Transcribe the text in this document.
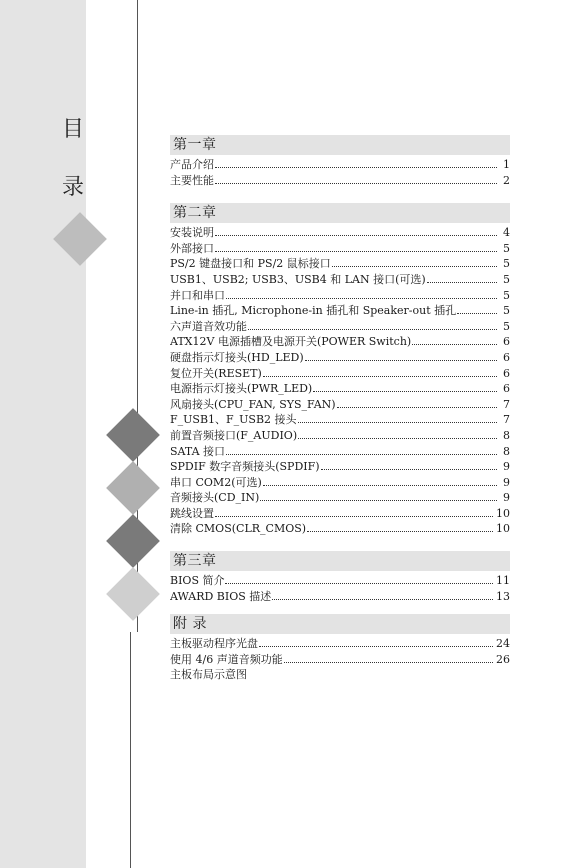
目
录
第一章
产品介绍	1
主要性能	2
第二章
安装说明	4
外部接口	5
PS/2 键盘接口和 PS/2 鼠标接口	5
USB1、USB2; USB3、USB4 和 LAN 接口(可选)	5
并口和串口	5
Line-in 插孔, Microphone-in 插孔和 Speaker-out 插孔	5
六声道音效功能	5
ATX12V 电源插槽及电源开关(POWER Switch)	6
硬盘指示灯接头(HD_LED)	6
复位开关(RESET)	6
电源指示灯接头(PWR_LED)	6
风扇接头(CPU_FAN, SYS_FAN)	7
F_USB1、F_USB2 接头	7
前置音频接口(F_AUDIO)	8
SATA 接口	8
SPDIF 数字音频接头(SPDIF)	9
串口 COM2(可选)	9
音频接头(CD_IN)	9
跳线设置	10
清除 CMOS(CLR_CMOS)	10
第三章
BIOS 简介	11
AWARD BIOS 描述	13
附 录
主板驱动程序光盘	24
使用 4/6 声道音频功能	26
主板布局示意图
